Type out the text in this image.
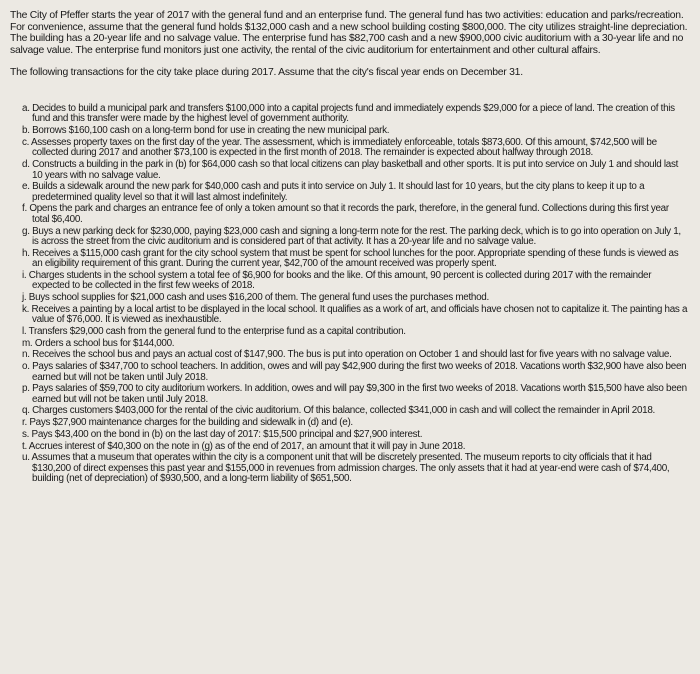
The City of Pfeffer starts the year of 2017 with the general fund and an enterprise fund. The general fund has two activities: education and parks/recreation. For convenience, assume that the general fund holds $132,000 cash and a new school building costing $800,000. The city utilizes straight-line depreciation. The building has a 20-year life and no salvage value. The enterprise fund has $82,700 cash and a new $900,000 civic auditorium with a 30-year life and no salvage value. The enterprise fund monitors just one activity, the rental of the civic auditorium for entertainment and other cultural affairs.

The following transactions for the city take place during 2017. Assume that the city's fiscal year ends on December 31.

a. Decides to build a municipal park and transfers $100,000 into a capital projects fund and immediately expends $29,000 for a piece of land. The creation of this fund and this transfer were made by the highest level of government authority.
b. Borrows $160,100 cash on a long-term bond for use in creating the new municipal park.
c. Assesses property taxes on the first day of the year. The assessment, which is immediately enforceable, totals $873,600. Of this amount, $742,500 will be collected during 2017 and another $73,100 is expected in the first month of 2018. The remainder is expected about halfway through 2018.
d. Constructs a building in the park in (b) for $64,000 cash so that local citizens can play basketball and other sports. It is put into service on July 1 and should last 10 years with no salvage value.
e. Builds a sidewalk around the new park for $40,000 cash and puts it into service on July 1. It should last for 10 years, but the city plans to keep it up to a predetermined quality level so that it will last almost indefinitely.
f. Opens the park and charges an entrance fee of only a token amount so that it records the park, therefore, in the general fund. Collections during this first year total $6,400.
g. Buys a new parking deck for $230,000, paying $23,000 cash and signing a long-term note for the rest. The parking deck, which is to go into operation on July 1, is across the street from the civic auditorium and is considered part of that activity. It has a 20-year life and no salvage value.
h. Receives a $115,000 cash grant for the city school system that must be spent for school lunches for the poor. Appropriate spending of these funds is viewed as an eligibility requirement of this grant. During the current year, $42,700 of the amount received was properly spent.
i. Charges students in the school system a total fee of $6,900 for books and the like. Of this amount, 90 percent is collected during 2017 with the remainder expected to be collected in the first few weeks of 2018.
j. Buys school supplies for $21,000 cash and uses $16,200 of them. The general fund uses the purchases method.
k. Receives a painting by a local artist to be displayed in the local school. It qualifies as a work of art, and officials have chosen not to capitalize it. The painting has a value of $76,000. It is viewed as inexhaustible.
l. Transfers $29,000 cash from the general fund to the enterprise fund as a capital contribution.
m. Orders a school bus for $144,000.
n. Receives the school bus and pays an actual cost of $147,900. The bus is put into operation on October 1 and should last for five years with no salvage value.
o. Pays salaries of $347,700 to school teachers. In addition, owes and will pay $42,900 during the first two weeks of 2018. Vacations worth $32,900 have also been earned but will not be taken until July 2018.
p. Pays salaries of $59,700 to city auditorium workers. In addition, owes and will pay $9,300 in the first two weeks of 2018. Vacations worth $15,500 have also been earned but will not be taken until July 2018.
q. Charges customers $403,000 for the rental of the civic auditorium. Of this balance, collected $341,000 in cash and will collect the remainder in April 2018.
r. Pays $27,900 maintenance charges for the building and sidewalk in (d) and (e).
s. Pays $43,400 on the bond in (b) on the last day of 2017: $15,500 principal and $27,900 interest.
t. Accrues interest of $40,300 on the note in (g) as of the end of 2017, an amount that it will pay in June 2018.
u. Assumes that a museum that operates within the city is a component unit that will be discretely presented. The museum reports to city officials that it had $130,200 of direct expenses this past year and $155,000 in revenues from admission charges. The only assets that it had at year-end were cash of $74,400, building (net of depreciation) of $930,500, and a long-term liability of $651,500.
